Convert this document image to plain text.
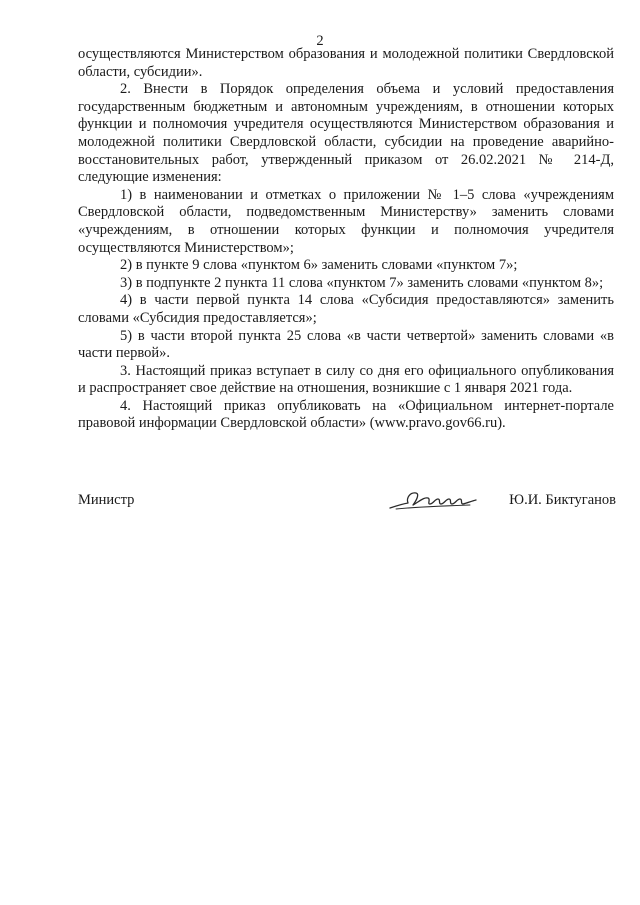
2

осуществляются Министерством образования и молодежной политики Свердловской области, субсидии».

2. Внести в Порядок определения объема и условий предоставления государственным бюджетным и автономным учреждениям, в отношении которых функции и полномочия учредителя осуществляются Министерством образования и молодежной политики Свердловской области, субсидии на проведение аварийно-восстановительных работ, утвержденный приказом от 26.02.2021 № 214-Д, следующие изменения:

1) в наименовании и отметках о приложении № 1–5 слова «учреждениям Свердловской области, подведомственным Министерству» заменить словами «учреждениям, в отношении которых функции и полномочия учредителя осуществляются Министерством»;

2) в пункте 9 слова «пунктом 6» заменить словами «пунктом 7»;

3) в подпункте 2 пункта 11 слова «пунктом 7» заменить словами «пунктом 8»;

4) в части первой пункта 14 слова «Субсидия предоставляются» заменить словами «Субсидия предоставляется»;

5) в части второй пункта 25 слова «в части четвертой» заменить словами «в части первой».

3. Настоящий приказ вступает в силу со дня его официального опубликования и распространяет свое действие на отношения, возникшие с 1 января 2021 года.

4. Настоящий приказ опубликовать на «Официальном интернет-портале правовой информации Свердловской области» (www.pravo.gov66.ru).

Министр	Ю.И. Биктуганов
